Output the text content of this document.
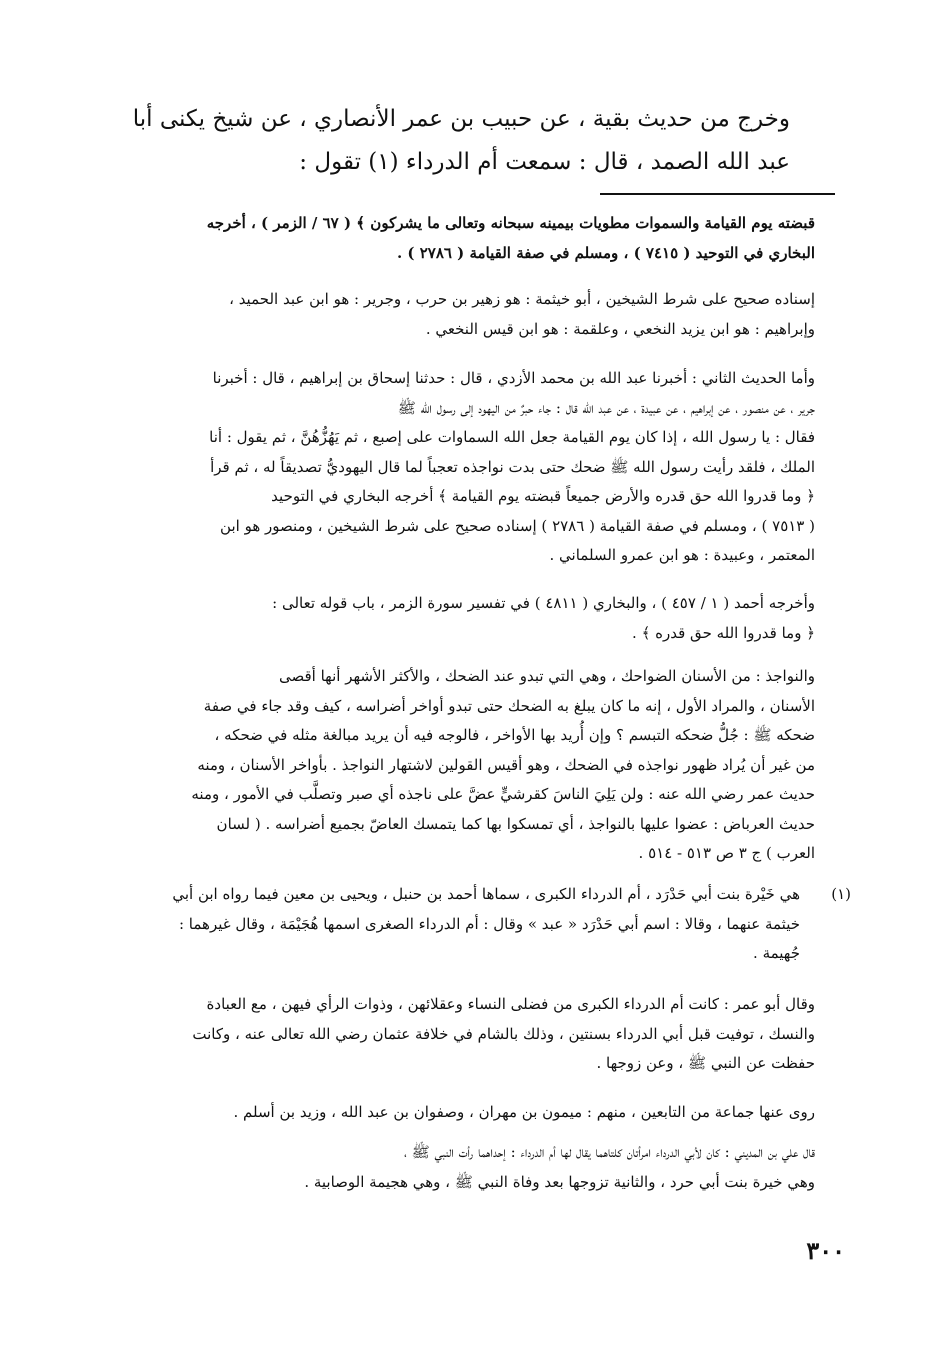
وخرج من حديث بقية ، عن حبيب بن عمر الأنصاري ، عن شيخ يكنى أبا
عبد الله الصمد ، قال : سمعت أم الدرداء (١) تقول :
قبضته يوم القيامة والسموات مطويات بيمينه سبحانه وتعالى ما يشركون ﴾ ( ٦٧ / الزمر ) ، أخرجه
البخاري في التوحيد ( ٧٤١٥ ) ، ومسلم في صفة القيامة ( ٢٧٨٦ ) .
إسناده صحيح على شرط الشيخين ، أبو خيثمة : هو زهير بن حرب ، وجرير : هو ابن عبد الحميد ،
وإبراهيم : هو ابن يزيد النخعي ، وعلقمة : هو ابن قيس النخعي .
وأما الحديث الثاني : أخبرنا عبد الله بن محمد الأزدي ، قال : حدثنا إسحاق بن إبراهيم ، قال : أخبرنا
جرير ، عن منصور ، عن إبراهيم ، عن عبيدة ، عن عبد الله قال : جاء حبرٌ من اليهود إلى رسول الله ﷺ
فقال : يا رسول الله ، إذا كان يوم القيامة جعل الله السماوات على إصبع ، ثم يَهُزُّهُنَّ ، ثم يقول : أنا
الملك ، فلقد رأيت رسول الله ﷺ ضحك حتى بدت نواجذه تعجباً لما قال اليهوديُّ تصديقاً له ، ثم قرأ
﴿ وما قدروا الله حق قدره والأرض جميعاً قبضته يوم القيامة ﴾ أخرجه البخاري في التوحيد
( ٧٥١٣ ) ، ومسلم في صفة القيامة ( ٢٧٨٦ ) إسناده صحيح على شرط الشيخين ، ومنصور هو ابن
المعتمر ، وعبيدة : هو ابن عمرو السلماني .
وأخرجه أحمد ( ١ / ٤٥٧ ) ، والبخاري ( ٤٨١١ ) في تفسير سورة الزمر ، باب قوله تعالى :
﴿ وما قدروا الله حق قدره ﴾ .
والنواجذ : من الأسنان الضواحك ، وهي التي تبدو عند الضحك ، والأكثر الأشهر أنها أقصى
الأسنان ، والمراد الأول ، إنه ما كان يبلغ به الضحك حتى تبدو أواخر أضراسه ، كيف وقد جاء في صفة
ضحكه ﷺ : جُلُّ ضحكه التبسم ؟ وإن أُريد بها الأواخر ، فالوجه فيه أن يريد مبالغة مثله في ضحكه ،
من غير أن يُراد ظهور نواجذه في الضحك ، وهو أقيس القولين لاشتهار النواجذ . بأواخر الأسنان ، ومنه
حديث عمر رضي الله عنه : ولن يَلِيَ الناسَ كقرشيٍّ عضَّ على ناجذه أي صبر وتصلَّب في الأمور ، ومنه
حديث العرباض : عضوا عليها بالنواجذ ، أي تمسكوا بها كما يتمسك العاضّ بجميع أضراسه . ( لسان
العرب ) ج ٣ ص ٥١٣ - ٥١٤ .
(١)
هي خَيْرة بنت أبي حَدْرَد ، أم الدرداء الكبرى ، سماها أحمد بن حنبل ، ويحيى بن معين فيما رواه ابن أبي
خيثمة عنهما ، وقالا : اسم أبي حَدْرَد « عبد » وقال : أم الدرداء الصغرى اسمها هُجَيْمَة ، وقال غيرهما :
جُهيمة .
وقال أبو عمر : كانت أم الدرداء الكبرى من فضلى النساء وعقلائهن ، وذوات الرأي فيهن ، مع العبادة
والنسك ، توفيت قبل أبي الدرداء بسنتين ، وذلك بالشام في خلافة عثمان رضي الله تعالى عنه ، وكانت
حفظت عن النبي ﷺ ، وعن زوجها .
روى عنها جماعة من التابعين ، منهم : ميمون بن مهران ، وصفوان بن عبد الله ، وزيد بن أسلم .
قال علي بن المديني : كان لأبي الدرداء امرأتان كلتاهما يقال لها أم الدرداء : إحداهما رأت النبي ﷺ ،
وهي خيرة بنت أبي حرد ، والثانية تزوجها بعد وفاة النبي ﷺ ، وهي هجيمة الوصابية .
٣٠٠
